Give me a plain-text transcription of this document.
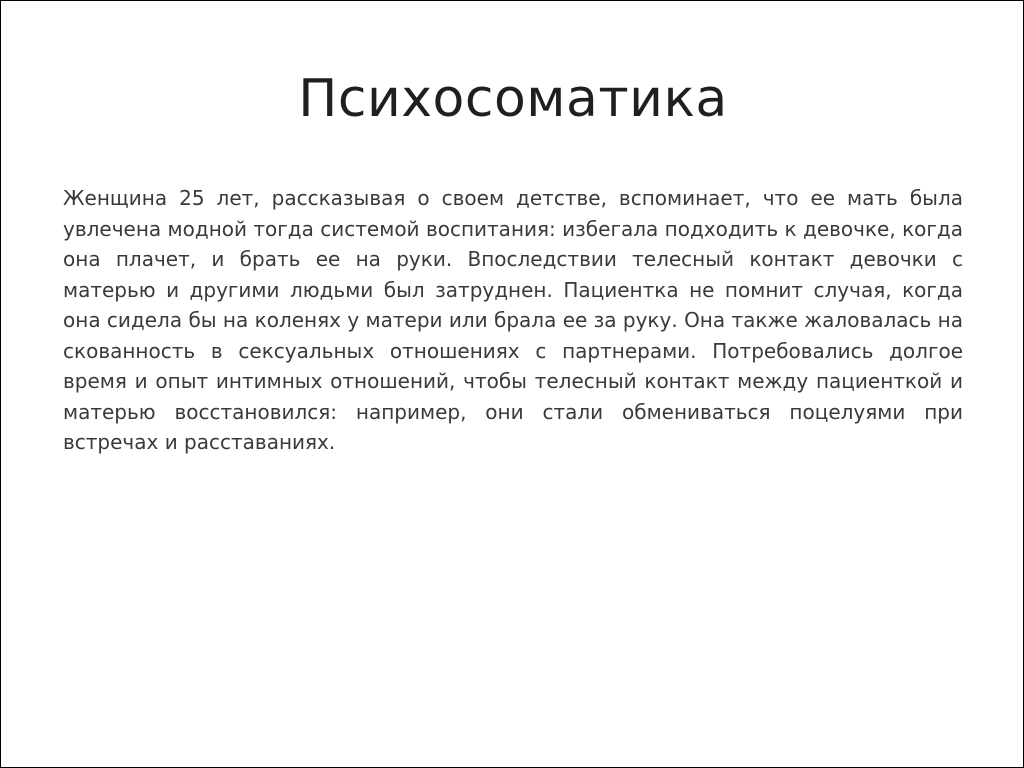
Психосоматика

Женщина 25 лет, рассказывая о своем детстве, вспоминает, что ее мать была увлечена модной тогда системой воспитания: избегала подходить к девочке, когда она плачет, и брать ее на руки. Впоследствии телесный контакт девочки с матерью и другими людьми был затруднен. Пациентка не помнит случая, когда она сидела бы на коленях у матери или брала ее за руку. Она также жаловалась на скованность в сексуальных отношениях с партнерами. Потребовались долгое время и опыт интимных отношений, чтобы телесный контакт между пациенткой и матерью восстановился: например, они стали обмениваться поцелуями при встречах и расставаниях.
